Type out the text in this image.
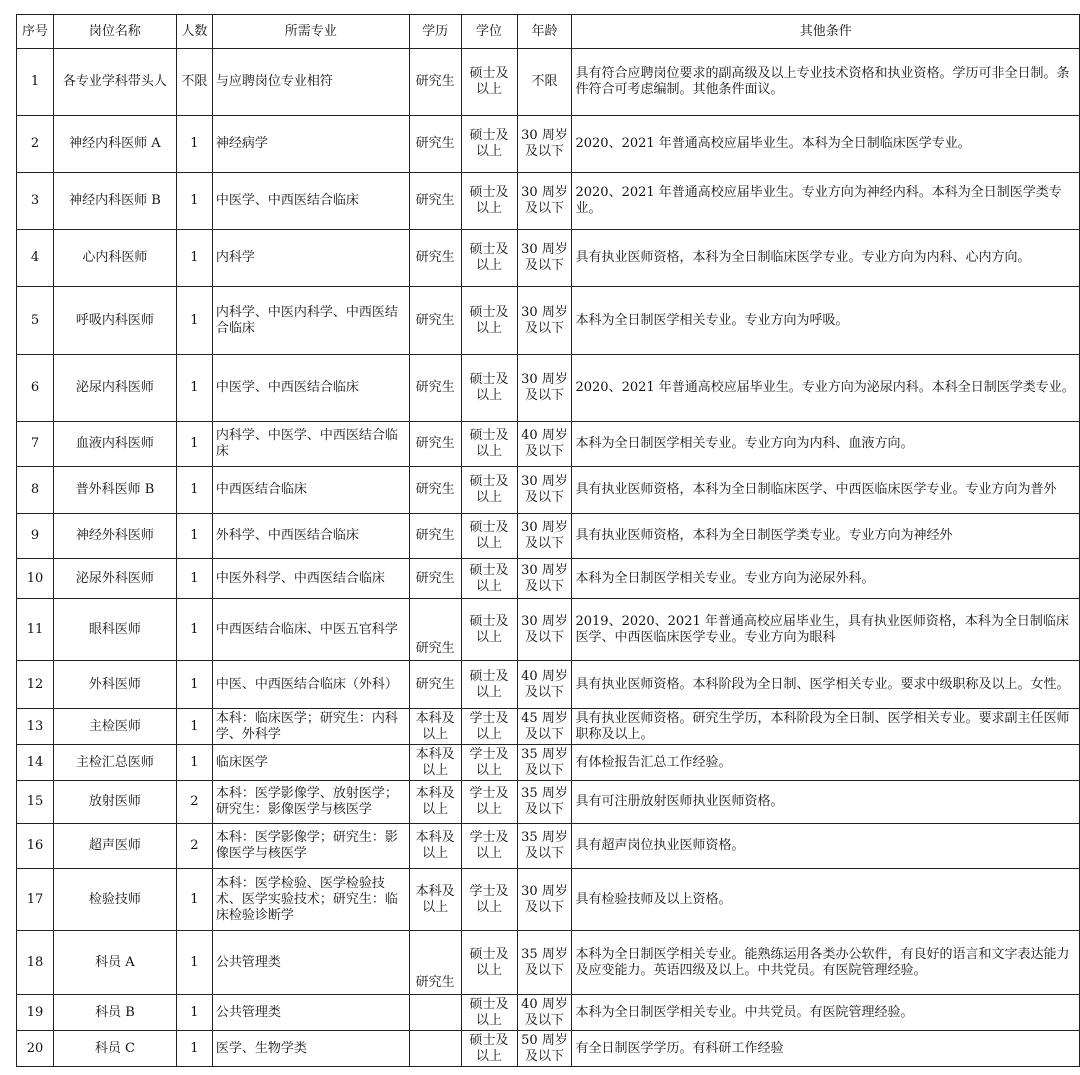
序号	岗位名称	人数	所需专业	学历	学位	年龄	其他条件
1	各专业学科带头人	不限	与应聘岗位专业相符	研究生	硕士及以上	不限	具有符合应聘岗位要求的副高级及以上专业技术资格和执业资格。学历可非全日制。条件符合可考虑编制。其他条件面议。
2	神经内科医师 A	1	神经病学	研究生	硕士及以上	30 周岁及以下	2020、2021 年普通高校应届毕业生。本科为全日制临床医学专业。
3	神经内科医师 B	1	中医学、中西医结合临床	研究生	硕士及以上	30 周岁及以下	2020、2021 年普通高校应届毕业生。专业方向为神经内科。本科为全日制医学类专业。
4	心内科医师	1	内科学	研究生	硕士及以上	30 周岁及以下	具有执业医师资格，本科为全日制临床医学专业。专业方向为内科、心内方向。
5	呼吸内科医师	1	内科学、中医内科学、中西医结合临床	研究生	硕士及以上	30 周岁及以下	本科为全日制医学相关专业。专业方向为呼吸。
6	泌尿内科医师	1	中医学、中西医结合临床	研究生	硕士及以上	30 周岁及以下	2020、2021 年普通高校应届毕业生。专业方向为泌尿内科。本科全日制医学类专业。
7	血液内科医师	1	内科学、中医学、中西医结合临床	研究生	硕士及以上	40 周岁及以下	本科为全日制医学相关专业。专业方向为内科、血液方向。
8	普外科医师 B	1	中西医结合临床	研究生	硕士及以上	30 周岁及以下	具有执业医师资格，本科为全日制临床医学、中西医临床医学专业。专业方向为普外
9	神经外科医师	1	外科学、中西医结合临床	研究生	硕士及以上	30 周岁及以下	具有执业医师资格，本科为全日制医学类专业。专业方向为神经外
10	泌尿外科医师	1	中医外科学、中西医结合临床	研究生	硕士及以上	30 周岁及以下	本科为全日制医学相关专业。专业方向为泌尿外科。
11	眼科医师	1	中西医结合临床、中医五官科学	研究生	硕士及以上	30 周岁及以下	2019、2020、2021 年普通高校应届毕业生，具有执业医师资格，本科为全日制临床医学、中西医临床医学专业。专业方向为眼科
12	外科医师	1	中医、中西医结合临床（外科）	研究生	硕士及以上	40 周岁及以下	具有执业医师资格。本科阶段为全日制、医学相关专业。要求中级职称及以上。女性。
13	主检医师	1	本科：临床医学；研究生：内科学、外科学	本科及以上	学士及以上	45 周岁及以下	具有执业医师资格。研究生学历，本科阶段为全日制、医学相关专业。要求副主任医师职称及以上。
14	主检汇总医师	1	临床医学	本科及以上	学士及以上	35 周岁及以下	有体检报告汇总工作经验。
15	放射医师	2	本科：医学影像学、放射医学；研究生：影像医学与核医学	本科及以上	学士及以上	35 周岁及以下	具有可注册放射医师执业医师资格。
16	超声医师	2	本科：医学影像学；研究生：影像医学与核医学	本科及以上	学士及以上	35 周岁及以下	具有超声岗位执业医师资格。
17	检验技师	1	本科：医学检验、医学检验技术、医学实验技术；研究生：临床检验诊断学	本科及以上	学士及以上	30 周岁及以下	具有检验技师及以上资格。
18	科员 A	1	公共管理类	研究生	硕士及以上	35 周岁及以下	本科为全日制医学相关专业。能熟练运用各类办公软件，有良好的语言和文字表达能力及应变能力。英语四级及以上。中共党员。有医院管理经验。
19	科员 B	1	公共管理类		硕士及以上	40 周岁及以下	本科为全日制医学相关专业。中共党员。有医院管理经验。
20	科员 C	1	医学、生物学类		硕士及以上	50 周岁及以下	有全日制医学学历。有科研工作经验
